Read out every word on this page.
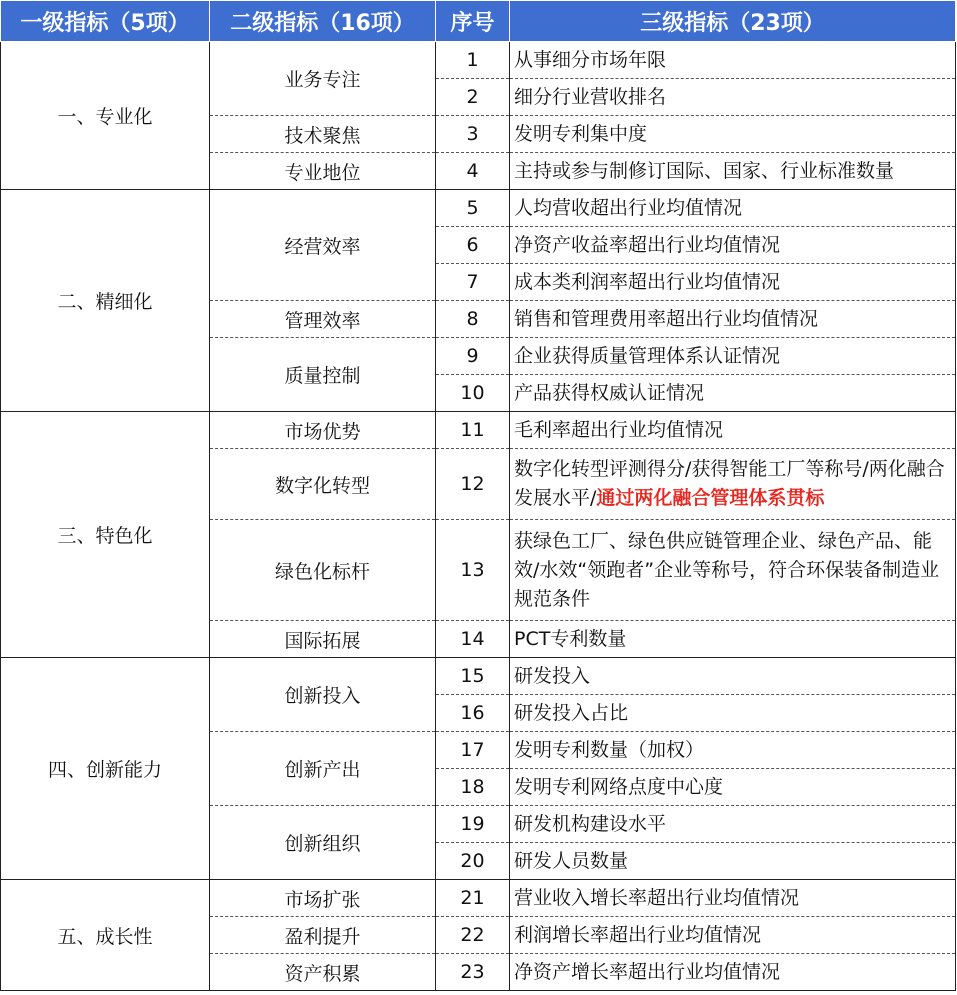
一级指标（5项）	二级指标（16项）	序号	三级指标（23项）
一、专业化	业务专注	1	从事细分市场年限
		2	细分行业营收排名
	技术聚焦	3	发明专利集中度
	专业地位	4	主持或参与制修订国际、国家、行业标准数量
二、精细化	经营效率	5	人均营收超出行业均值情况
		6	净资产收益率超出行业均值情况
		7	成本类利润率超出行业均值情况
	管理效率	8	销售和管理费用率超出行业均值情况
	质量控制	9	企业获得质量管理体系认证情况
		10	产品获得权威认证情况
三、特色化	市场优势	11	毛利率超出行业均值情况
	数字化转型	12	数字化转型评测得分/获得智能工厂等称号/两化融合发展水平/通过两化融合管理体系贯标
	绿色化标杆	13	获绿色工厂、绿色供应链管理企业、绿色产品、能效/水效“领跑者”企业等称号，符合环保装备制造业规范条件
	国际拓展	14	PCT专利数量
四、创新能力	创新投入	15	研发投入
		16	研发投入占比
	创新产出	17	发明专利数量（加权）
		18	发明专利网络点度中心度
	创新组织	19	研发机构建设水平
		20	研发人员数量
五、成长性	市场扩张	21	营业收入增长率超出行业均值情况
	盈利提升	22	利润增长率超出行业均值情况
	资产积累	23	净资产增长率超出行业均值情况
